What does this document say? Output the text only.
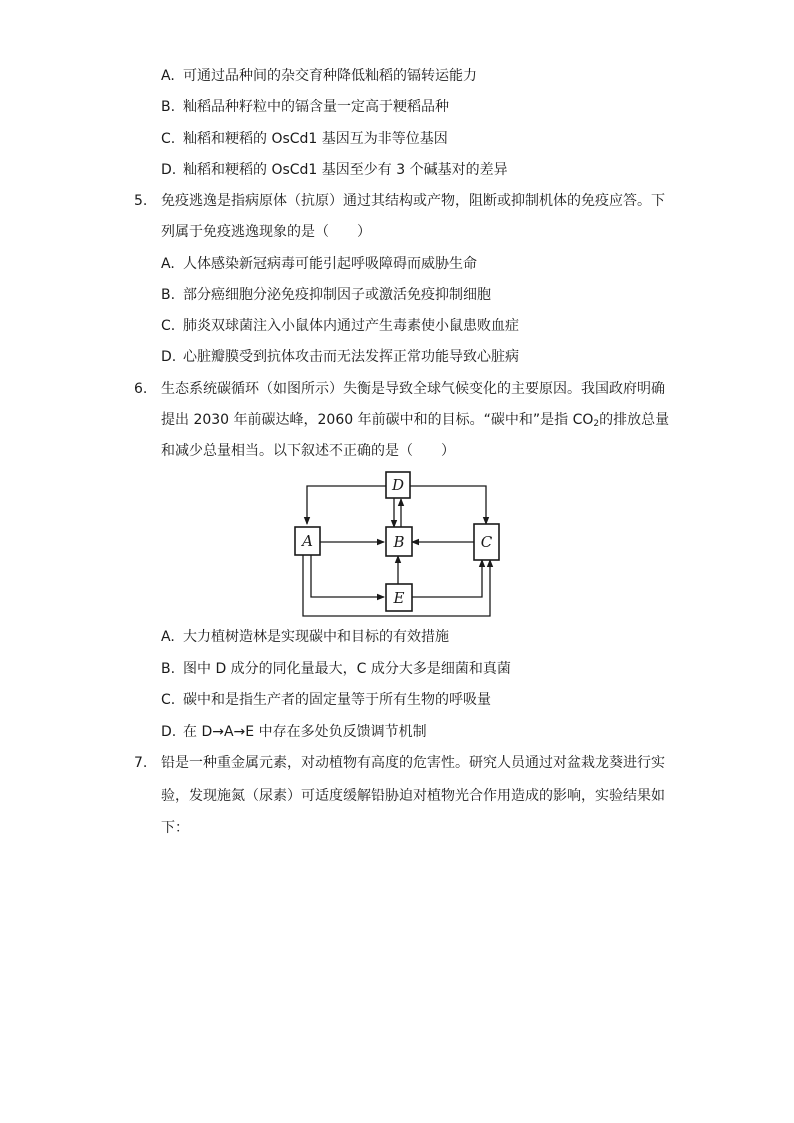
A. 可通过品种间的杂交育种降低籼稻的镉转运能力
B. 籼稻品种籽粒中的镉含量一定高于粳稻品种
C. 籼稻和粳稻的 OsCd1 基因互为非等位基因
D. 籼稻和粳稻的 OsCd1 基因至少有 3 个碱基对的差异
5. 免疫逃逸是指病原体（抗原）通过其结构或产物，阻断或抑制机体的免疫应答。下
列属于免疫逃逸现象的是（　　）
A. 人体感染新冠病毒可能引起呼吸障碍而威胁生命
B. 部分癌细胞分泌免疫抑制因子或激活免疫抑制细胞
C. 肺炎双球菌注入小鼠体内通过产生毒素使小鼠患败血症
D. 心脏瓣膜受到抗体攻击而无法发挥正常功能导致心脏病
6. 生态系统碳循环（如图所示）失衡是导致全球气候变化的主要原因。我国政府明确
提出 2030 年前碳达峰，2060 年前碳中和的目标。“碳中和”是指 $CO_2$的排放总量
和减少总量相当。以下叙述不正确的是（　　）
D
A	B	C
E
A. 大力植树造林是实现碳中和目标的有效措施
B. 图中 D 成分的同化量最大，C 成分大多是细菌和真菌
C. 碳中和是指生产者的固定量等于所有生物的呼吸量
D. 在 D→A→E 中存在多处负反馈调节机制
7. 铅是一种重金属元素，对动植物有高度的危害性。研究人员通过对盆栽龙葵进行实
验，发现施氮（尿素）可适度缓解铅胁迫对植物光合作用造成的影响，实验结果如
下：
